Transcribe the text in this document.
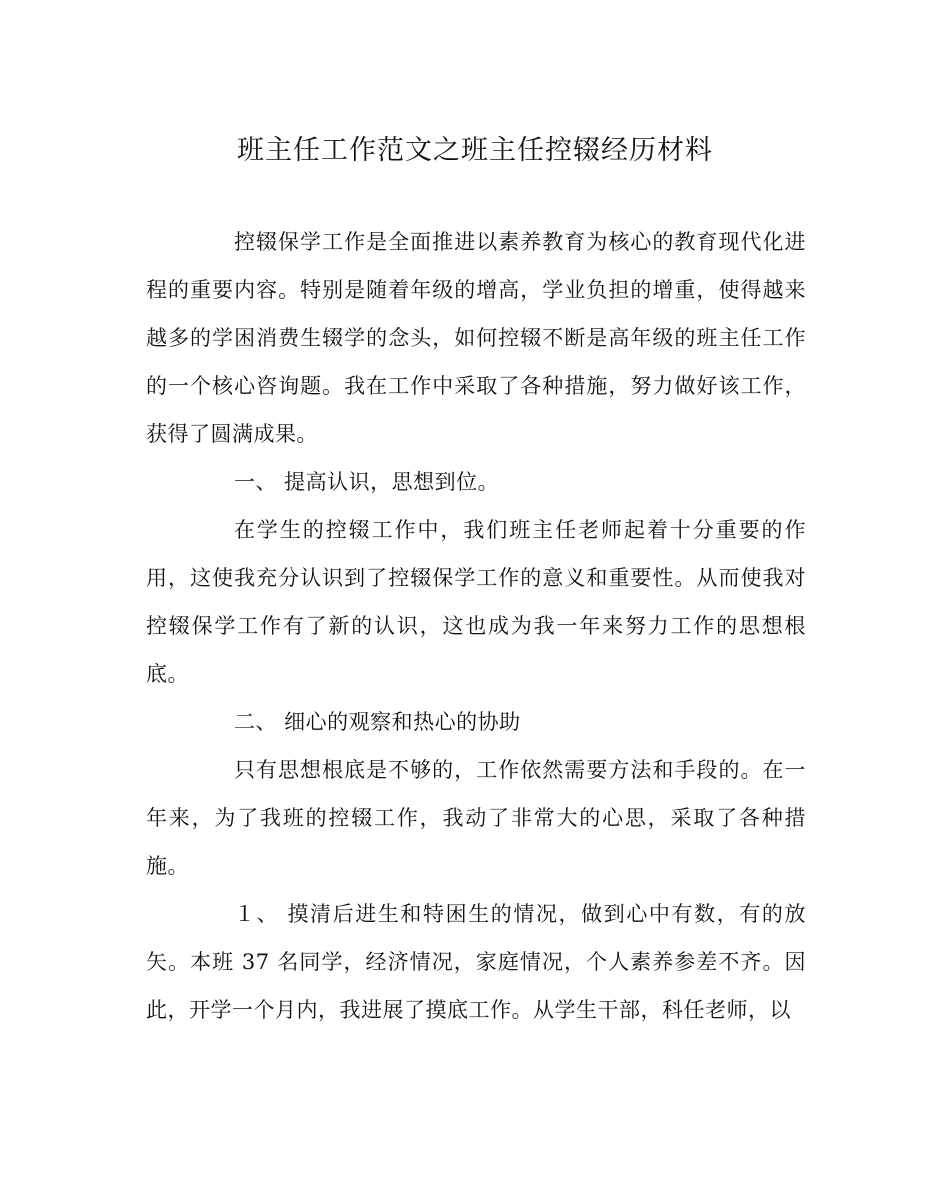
班主任工作范文之班主任控辍经历材料

控辍保学工作是全面推进以素养教育为核心的教育现代化进程的重要内容。特别是随着年级的增高，学业负担的增重，使得越来越多的学困消费生辍学的念头，如何控辍不断是高年级的班主任工作的一个核心咨询题。我在工作中采取了各种措施，努力做好该工作，获得了圆满成果。

一、 提高认识，思想到位。

在学生的控辍工作中，我们班主任老师起着十分重要的作用，这使我充分认识到了控辍保学工作的意义和重要性。从而使我对控辍保学工作有了新的认识，这也成为我一年来努力工作的思想根底。

二、 细心的观察和热心的协助

只有思想根底是不够的，工作依然需要方法和手段的。在一年来，为了我班的控辍工作，我动了非常大的心思，采取了各种措施。

１、 摸清后进生和特困生的情况，做到心中有数，有的放矢。本班 37 名同学，经济情况，家庭情况，个人素养参差不齐。因此，开学一个月内，我进展了摸底工作。从学生干部，科任老师，以
